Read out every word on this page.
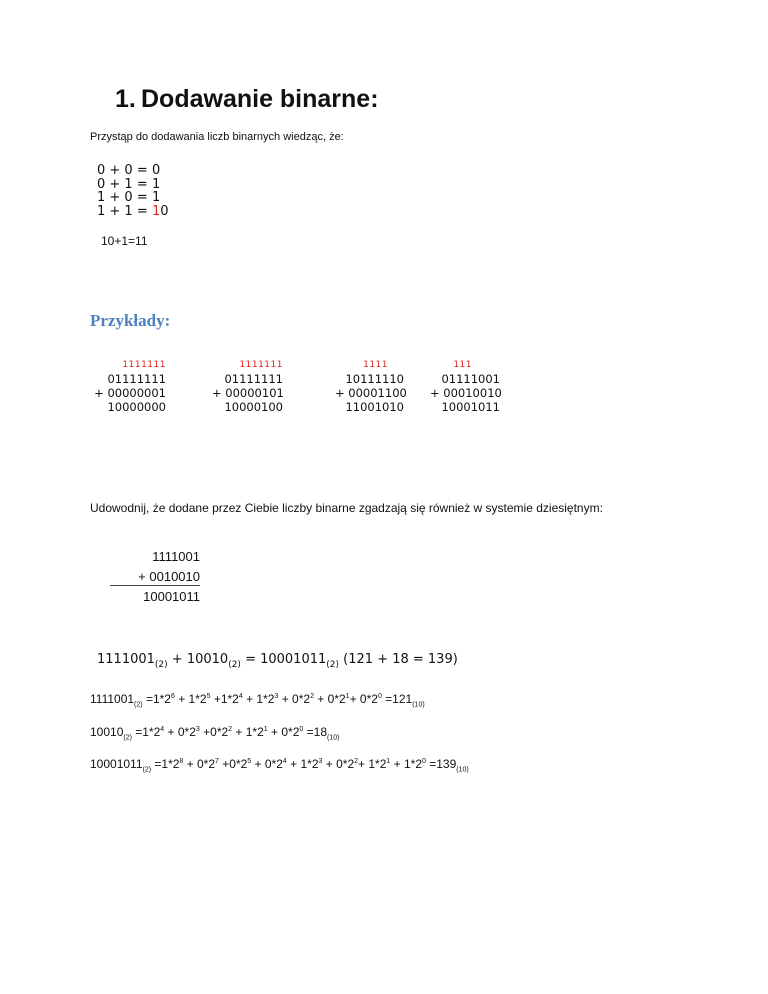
1. Dodawanie binarne:
Przystąp do dodawania liczb binarnych wiedząc, że:
0 + 0 = 0
0 + 1 = 1
1 + 0 = 1
1 + 1 = 10
10+1=11
Przykłady:
1111111
01111111
+ 00000001
10000000
1111111
01111111
+ 00000101
10000100
1111
10111110
+ 00001100
11001010
111
01111001
+ 00010010
10001011
Udowodnij, że dodane przez Ciebie liczby binarne zgadzają się również w systemie dziesiętnym:
1111001
+ 0010010
10001011
$1111001_{(2)} + 10010_{(2)} = 10001011_{(2)}$ (121 + 18 = 139)
$1111001_{(2)} =1*2^6 + 1*2^5 +1*2^4 + 1*2^3 + 0*2^2 + 0*2^1+ 0*2^0 =121_{(10)}$
$10010_{(2)} =1*2^4 + 0*2^3 +0*2^2 + 1*2^1 + 0*2^0 =18_{(10)}$
$10001011_{(2)} =1*2^8 + 0*2^7 +0*2^5 + 0*2^4 + 1*2^3 + 0*2^2+ 1*2^1 + 1*2^0 =139_{(10)}$
